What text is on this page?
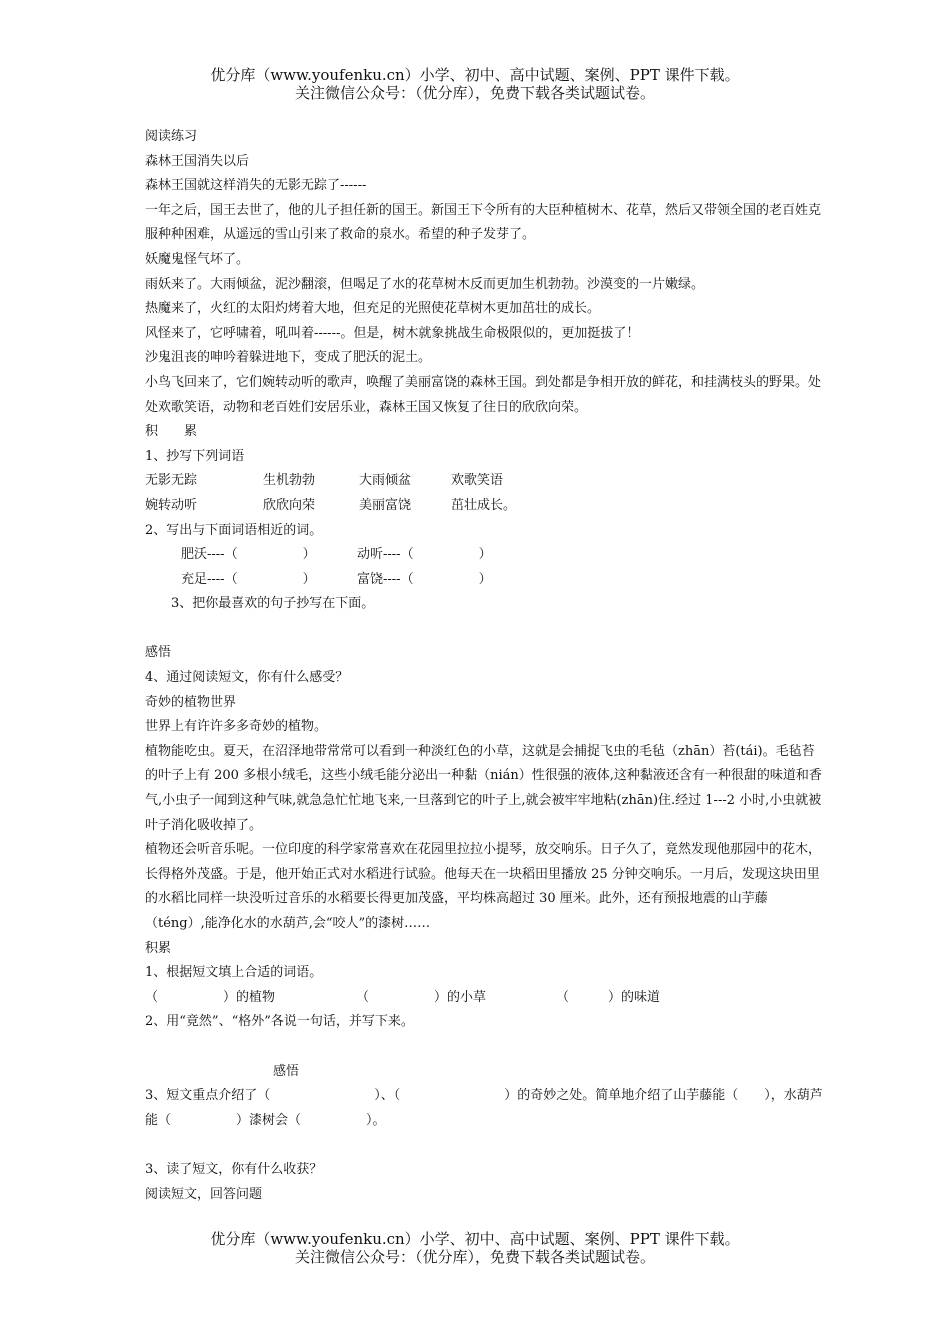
优分库（www.youfenku.cn）小学、初中、高中试题、案例、PPT 课件下载。
关注微信公众号：（优分库），免费下载各类试题试卷。
阅读练习
森林王国消失以后
森林王国就这样消失的无影无踪了------
一年之后，国王去世了，他的儿子担任新的国王。新国王下令所有的大臣种植树木、花草，然后又带领全国的老百姓克服种种困难，从遥远的雪山引来了救命的泉水。希望的种子发芽了。
妖魔鬼怪气坏了。
雨妖来了。大雨倾盆，泥沙翻滚，但喝足了水的花草树木反而更加生机勃勃。沙漠变的一片嫩绿。
热魔来了，火红的太阳灼烤着大地，但充足的光照使花草树木更加茁壮的成长。
风怪来了，它呼啸着，吼叫着------。但是，树木就象挑战生命极限似的，更加挺拔了！
沙鬼沮丧的呻吟着躲进地下，变成了肥沃的泥土。
小鸟飞回来了，它们婉转动听的歌声，唤醒了美丽富饶的森林王国。到处都是争相开放的鲜花，和挂满枝头的野果。处处欢歌笑语，动物和老百姓们安居乐业，森林王国又恢复了往日的欣欣向荣。
积　　累
1、抄写下列词语
无影无踪	生机勃勃	大雨倾盆	欢歌笑语
婉转动听	欣欣向荣	美丽富饶	茁壮成长。
2、写出与下面词语相近的词。
肥沃----（　　　　　）	动听----（　　　　　）
充足----（　　　　　）	富饶----（　　　　　）
3、把你最喜欢的句子抄写在下面。
感悟
4、通过阅读短文，你有什么感受？
奇妙的植物世界
世界上有许许多多奇妙的植物。
植物能吃虫。夏天，在沼泽地带常常可以看到一种淡红色的小草，这就是会捕捉飞虫的毛毡（zhān）苔(tái)。毛毡苔的叶子上有 200 多根小绒毛，这些小绒毛能分泌出一种黏（nián）性很强的液体,这种黏液还含有一种很甜的味道和香气,小虫子一闻到这种气味,就急急忙忙地飞来,一旦落到它的叶子上,就会被牢牢地粘(zhān)住.经过 1---2 小时,小虫就被叶子消化吸收掉了。
植物还会听音乐呢。一位印度的科学家常喜欢在花园里拉拉小提琴，放交响乐。日子久了，竟然发现他那园中的花木，长得格外茂盛。于是，他开始正式对水稻进行试验。他每天在一块稻田里播放 25 分钟交响乐。一月后，发现这块田里的水稻比同样一块没听过音乐的水稻要长得更加茂盛，平均株高超过 30 厘米。此外，还有预报地震的山芋藤（téng）,能净化水的水葫芦,会“咬人”的漆树……
积累
1、根据短文填上合适的词语。
（　　　　　）的植物	（　　　　　）的小草	（　　　）的味道
2、用“竟然”、“格外”各说一句话，并写下来。
感悟
3、短文重点介绍了（　　　　　　　　）、（　　　　　　　　）的奇妙之处。简单地介绍了山芋藤能（　　），水葫芦能（　　　　　）漆树会（　　　　　）。
3、读了短文，你有什么收获？
阅读短文，回答问题
优分库（www.youfenku.cn）小学、初中、高中试题、案例、PPT 课件下载。
关注微信公众号：（优分库），免费下载各类试题试卷。
